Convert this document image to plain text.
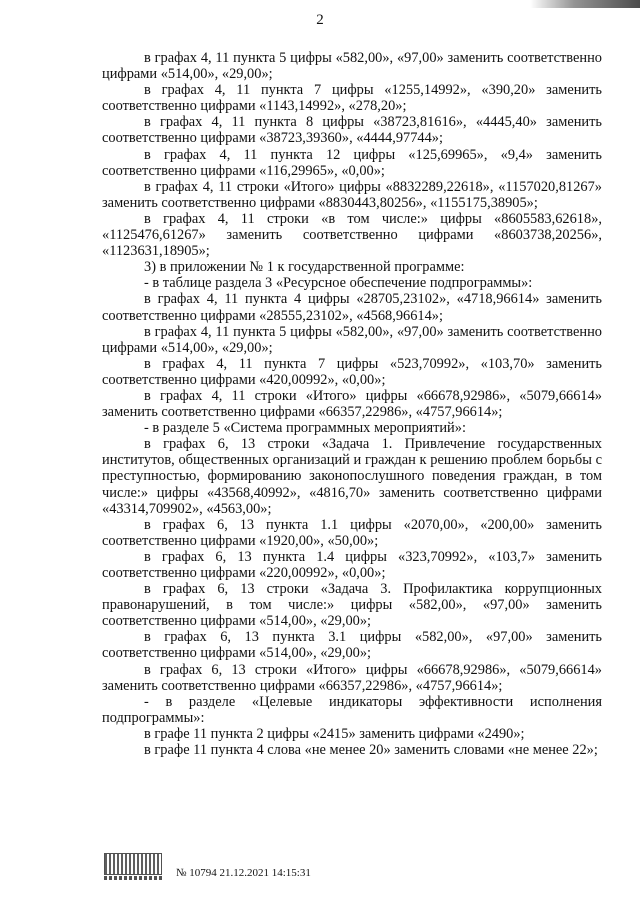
2

в графах 4, 11 пункта 5 цифры «582,00», «97,00» заменить соответственно цифрами «514,00», «29,00»;

в графах 4, 11 пункта 7 цифры «1255,14992», «390,20» заменить соответственно цифрами «1143,14992», «278,20»;

в графах 4, 11 пункта 8 цифры «38723,81616», «4445,40» заменить соответственно цифрами «38723,39360», «4444,97744»;

в графах 4, 11 пункта 12 цифры «125,69965», «9,4» заменить соответственно цифрами «116,29965», «0,00»;

в графах 4, 11 строки «Итого» цифры «8832289,22618», «1157020,81267» заменить соответственно цифрами «8830443,80256», «1155175,38905»;

в графах 4, 11 строки «в том числе:» цифры «8605583,62618», «1125476,61267» заменить соответственно цифрами «8603738,20256», «1123631,18905»;

3) в приложении № 1 к государственной программе:

- в таблице раздела 3 «Ресурсное обеспечение подпрограммы»:

в графах 4, 11 пункта 4 цифры «28705,23102», «4718,96614» заменить соответственно цифрами «28555,23102», «4568,96614»;

в графах 4, 11 пункта 5 цифры «582,00», «97,00» заменить соответственно цифрами «514,00», «29,00»;

в графах 4, 11 пункта 7 цифры «523,70992», «103,70» заменить соответственно цифрами «420,00992», «0,00»;

в графах 4, 11 строки «Итого» цифры «66678,92986», «5079,66614» заменить соответственно цифрами «66357,22986», «4757,96614»;

- в разделе 5 «Система программных мероприятий»:

в графах 6, 13 строки «Задача 1. Привлечение государственных институтов, общественных организаций и граждан к решению проблем борьбы с преступностью, формированию законопослушного поведения граждан, в том числе:» цифры «43568,40992», «4816,70» заменить соответственно цифрами «43314,709902», «4563,00»;

в графах 6, 13 пункта 1.1 цифры «2070,00», «200,00» заменить соответственно цифрами «1920,00», «50,00»;

в графах 6, 13 пункта 1.4 цифры «323,70992», «103,7» заменить соответственно цифрами «220,00992», «0,00»;

в графах 6, 13 строки «Задача 3. Профилактика коррупционных правонарушений, в том числе:» цифры «582,00», «97,00» заменить соответственно цифрами «514,00», «29,00»;

в графах 6, 13 пункта 3.1 цифры «582,00», «97,00» заменить соответственно цифрами «514,00», «29,00»;

в графах 6, 13 строки «Итого» цифры «66678,92986», «5079,66614» заменить соответственно цифрами «66357,22986», «4757,96614»;

- в разделе «Целевые индикаторы эффективности исполнения подпрограммы»:

в графе 11 пункта 2 цифры «2415» заменить цифрами «2490»;

в графе 11 пункта 4 слова «не менее 20» заменить словами «не менее 22»;

№ 10794 21.12.2021 14:15:31
